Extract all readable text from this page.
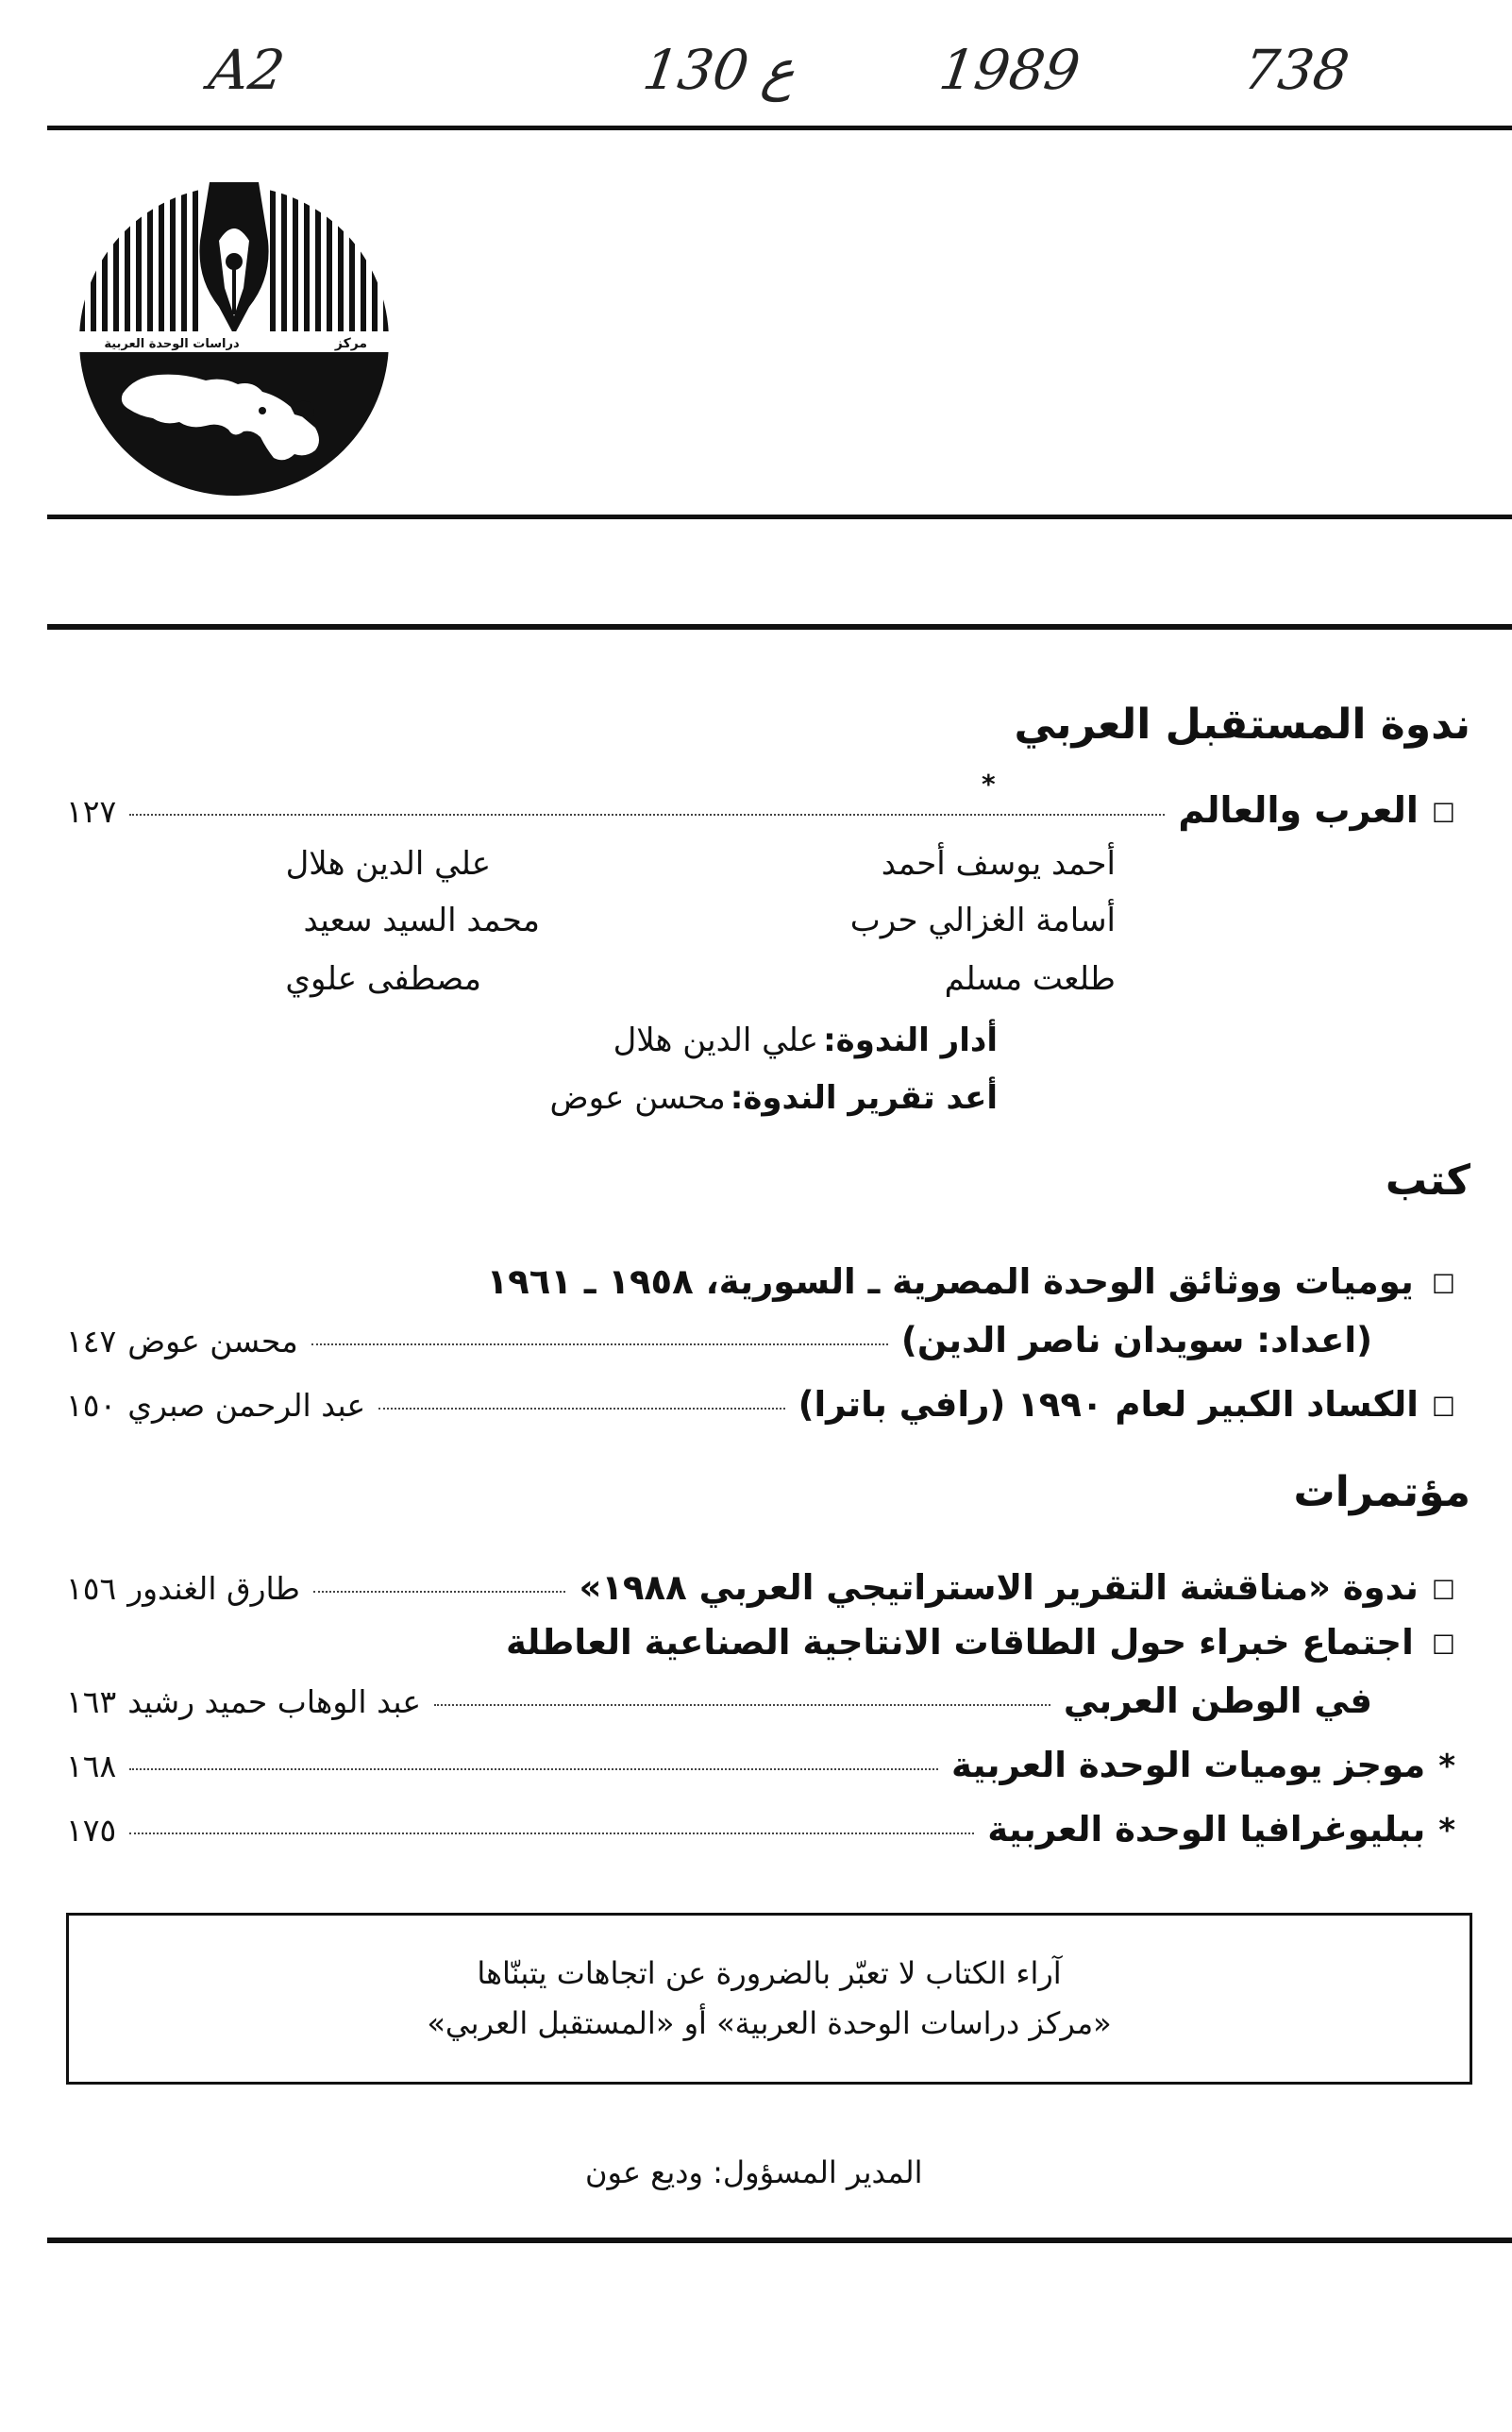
A2	130 ع 1989	738
مركز
دراسات الوحدة العربية
ندوة المستقبل العربي
*
☐
العرب والعالم
١٢٧
أحمد يوسف أحمد
أسامة الغزالي حرب
طلعت مسلم
علي الدين هلال
محمد السيد سعيد
مصطفى علوي
أدار الندوة: علي الدين هلال
أعد تقرير الندوة: محسن عوض
كتب
☐ يوميات ووثائق الوحدة المصرية ـ السورية، ١٩٥٨ ـ ١٩٦١
(اعداد: سويدان ناصر الدين)
محسن عوض
١٤٧
☐
الكساد الكبير لعام ١٩٩٠ (رافي باترا)
عبد الرحمن صبري
١٥٠
مؤتمرات
☐
ندوة «مناقشة التقرير الاستراتيجي العربي ١٩٨٨»
طارق الغندور
١٥٦
☐ اجتماع خبراء حول الطاقات الانتاجية الصناعية العاطلة
في الوطن العربي
عبد الوهاب حميد رشيد
١٦٣
*
موجز يوميات الوحدة العربية
١٦٨
*
ببليوغرافيا الوحدة العربية
١٧٥
آراء الكتاب لا تعبّر بالضرورة عن اتجاهات يتبنّاها
«مركز دراسات الوحدة العربية» أو «المستقبل العربي»
المدير المسؤول: وديع عون
